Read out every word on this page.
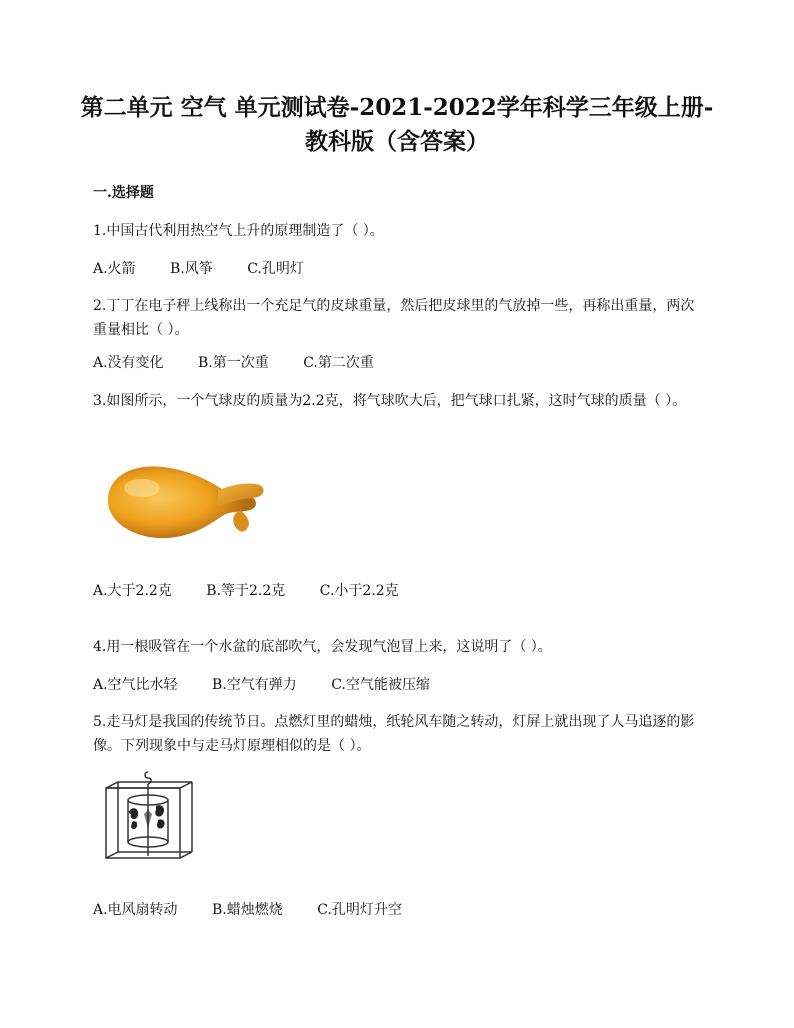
第二单元 空气 单元测试卷-2021-2022学年科学三年级上册-
教科版（含答案）
一.选择题
1.中国古代利用热空气上升的原理制造了（ ）。
A.火箭 B.风筝 C.孔明灯
2.丁丁在电子秤上线称出一个充足气的皮球重量，然后把皮球里的气放掉一些，再称出重量，两次重量相比（ ）。
A.没有变化 B.第一次重 C.第二次重
3.如图所示，一个气球皮的质量为2.2克，将气球吹大后，把气球口扎紧，这时气球的质量（ ）。
A.大于2.2克 B.等于2.2克 C.小于2.2克
4.用一根吸管在一个水盆的底部吹气，会发现气泡冒上来，这说明了（ ）。
A.空气比水轻 B.空气有弹力 C.空气能被压缩
5.走马灯是我国的传统节日。点燃灯里的蜡烛，纸轮风车随之转动，灯屏上就出现了人马追逐的影像。下列现象中与走马灯原理相似的是（ ）。
A.电风扇转动 B.蜡烛燃烧 C.孔明灯升空
